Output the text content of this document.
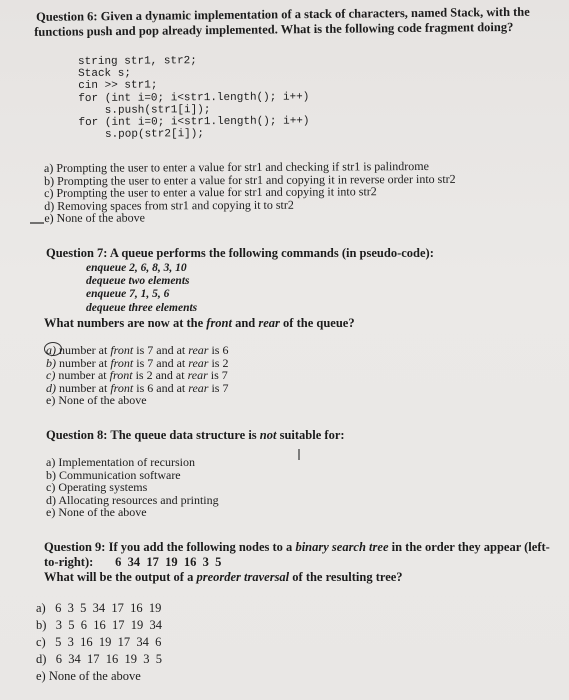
Question 6: Given a dynamic implementation of a stack of characters, named Stack, with the
functions push and pop already implemented. What is the following code fragment doing?
string str1, str2;
Stack s;
cin >> str1;
for (int i=0; i<str1.length(); i++)
s.push(str1[i]);
for (int i=0; i<str1.length(); i++)
s.pop(str2[i]);
a) Prompting the user to enter a value for str1 and checking if str1 is palindrome
b) Prompting the user to enter a value for str1 and copying it in reverse order into str2
c) Prompting the user to enter a value for str1 and copying it into str2
d) Removing spaces from str1 and copying it to str2
e) None of the above
Question 7: A queue performs the following commands (in pseudo-code):
enqueue 2, 6, 8, 3, 10
dequeue two elements
enqueue 7, 1, 5, 6
dequeue three elements
What numbers are now at the front and rear of the queue?
a) number at front is 7 and at rear is 6
b) number at front is 7 and at rear is 2
c) number at front is 2 and at rear is 7
d) number at front is 6 and at rear is 7
e) None of the above
Question 8: The queue data structure is not suitable for:
a) Implementation of recursion
b) Communication software
c) Operating systems
d) Allocating resources and printing
e) None of the above
Question 9: If you add the following nodes to a binary search tree in the order they appear (left-
to-right): 6  34  17  19  16  3  5
What will be the output of a preorder traversal of the resulting tree?
a) 6  3  5  34  17  16  19
b) 3  5  6  16  17  19  34
c) 5  3  16  19  17  34  6
d) 6  34  17  16  19  3  5
e) None of the above
